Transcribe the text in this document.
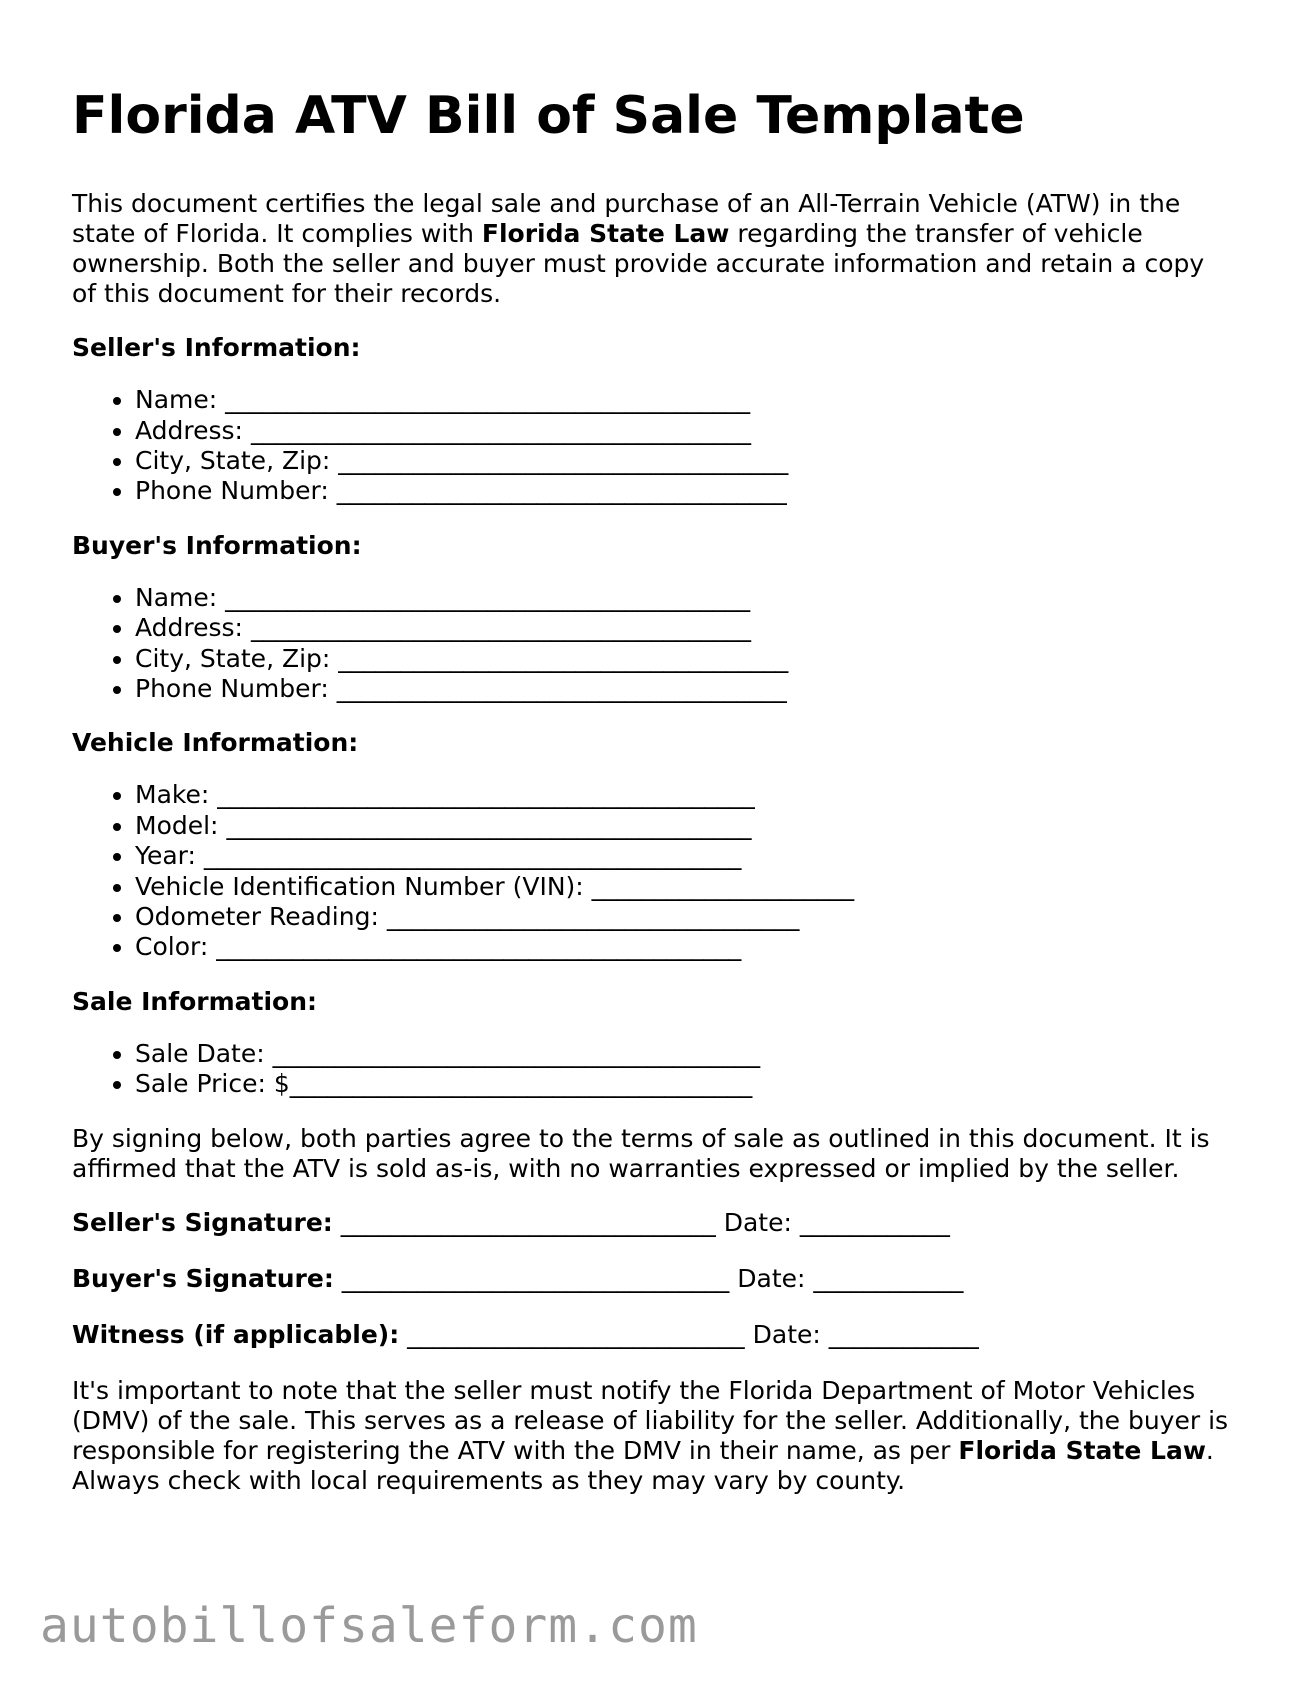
Florida ATV Bill of Sale Template

This document certifies the legal sale and purchase of an All-Terrain Vehicle (ATW) in the state of Florida. It complies with Florida State Law regarding the transfer of vehicle ownership. Both the seller and buyer must provide accurate information and retain a copy of this document for their records.

Seller's Information:
• Name: __________________________________________
• Address: ________________________________________
• City, State, Zip: ____________________________________
• Phone Number: ____________________________________
Buyer's Information:
• Name: __________________________________________
• Address: ________________________________________
• City, State, Zip: ____________________________________
• Phone Number: ____________________________________
Vehicle Information:
• Make: ___________________________________________
• Model: __________________________________________
• Year: ___________________________________________
• Vehicle Identification Number (VIN): _____________________
• Odometer Reading: _________________________________
• Color: __________________________________________
Sale Information:
• Sale Date: _______________________________________
• Sale Price: $_____________________________________

By signing below, both parties agree to the terms of sale as outlined in this document. It is affirmed that the ATV is sold as-is, with no warranties expressed or implied by the seller.

Seller's Signature: ______________________________ Date: ____________
Buyer's Signature: _______________________________ Date: ____________
Witness (if applicable): ___________________________ Date: ____________

It's important to note that the seller must notify the Florida Department of Motor Vehicles (DMV) of the sale. This serves as a release of liability for the seller. Additionally, the buyer is responsible for registering the ATV with the DMV in their name, as per Florida State Law. Always check with local requirements as they may vary by county.

autobillofsaleform.com
